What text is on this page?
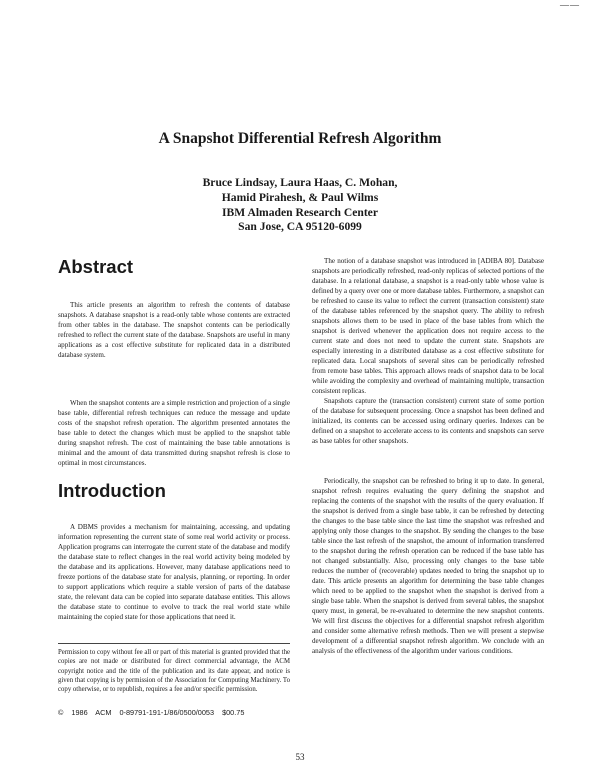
——
A Snapshot Differential Refresh Algorithm
Bruce Lindsay, Laura Haas, C. Mohan,
Hamid Pirahesh, & Paul Wilms
IBM Almaden Research Center
San Jose, CA 95120-6099
Abstract

This article presents an algorithm to refresh the contents of database snapshots. A database snapshot is a read-only table whose contents are extracted from other tables in the database. The snapshot contents can be periodically refreshed to reflect the current state of the database. Snapshots are useful in many applications as a cost effective substitute for replicated data in a distributed database system.

When the snapshot contents are a simple restriction and projection of a single base table, differential refresh techniques can reduce the message and update costs of the snapshot refresh operation. The algorithm presented annotates the base table to detect the changes which must be applied to the snapshot table during snapshot refresh. The cost of maintaining the base table annotations is minimal and the amount of data transmitted during snapshot refresh is close to optimal in most circumstances.

Introduction

A DBMS provides a mechanism for maintaining, accessing, and updating information representing the current state of some real world activity or process. Application programs can interrogate the current state of the database and modify the database state to reflect changes in the real world activity being modeled by the database and its applications. However, many database applications need to freeze portions of the database state for analysis, planning, or reporting. In order to support applications which require a stable version of parts of the database state, the relevant data can be copied into separate database entities. This allows the database state to continue to evolve to track the real world state while maintaining the copied state for those applications that need it.

Permission to copy without fee all or part of this material is granted provided that the copies are not made or distributed for direct commercial advantage, the ACM copyright notice and the title of the publication and its date appear, and notice is given that copying is by permission of the Association for Computing Machinery. To copy otherwise, or to republish, requires a fee and/or specific permission.

© 1986 ACM 0-89791-191-1/86/0500/0053 $00.75

The notion of a database snapshot was introduced in [ADIBA 80]. Database snapshots are periodically refreshed, read-only replicas of selected portions of the database. In a relational database, a snapshot is a read-only table whose value is defined by a query over one or more database tables. Furthermore, a snapshot can be refreshed to cause its value to reflect the current (transaction consistent) state of the database tables referenced by the snapshot query. The ability to refresh snapshots allows them to be used in place of the base tables from which the snapshot is derived whenever the application does not require access to the current state and does not need to update the current state. Snapshots are especially interesting in a distributed database as a cost effective substitute for replicated data. Local snapshots of several sites can be periodically refreshed from remote base tables. This approach allows reads of snapshot data to be local while avoiding the complexity and overhead of maintaining multiple, transaction consistent replicas.

Snapshots capture the (transaction consistent) current state of some portion of the database for subsequent processing. Once a snapshot has been defined and initialized, its contents can be accessed using ordinary queries. Indexes can be defined on a snapshot to accelerate access to its contents and snapshots can serve as base tables for other snapshots.

Periodically, the snapshot can be refreshed to bring it up to date. In general, snapshot refresh requires evaluating the query defining the snapshot and replacing the contents of the snapshot with the results of the query evaluation. If the snapshot is derived from a single base table, it can be refreshed by detecting the changes to the base table since the last time the snapshot was refreshed and applying only those changes to the snapshot. By sending the changes to the base table since the last refresh of the snapshot, the amount of information transferred to the snapshot during the refresh operation can be reduced if the base table has not changed substantially. Also, processing only changes to the base table reduces the number of (recoverable) updates needed to bring the snapshot up to date. This article presents an algorithm for determining the base table changes which need to be applied to the snapshot when the snapshot is derived from a single base table. When the snapshot is derived from several tables, the snapshot query must, in general, be re-evaluated to determine the new snapshot contents. We will first discuss the objectives for a differential snapshot refresh algorithm and consider some alternative refresh methods. Then we will present a stepwise development of a differential snapshot refresh algorithm. We conclude with an analysis of the effectiveness of the algorithm under various conditions.

53
